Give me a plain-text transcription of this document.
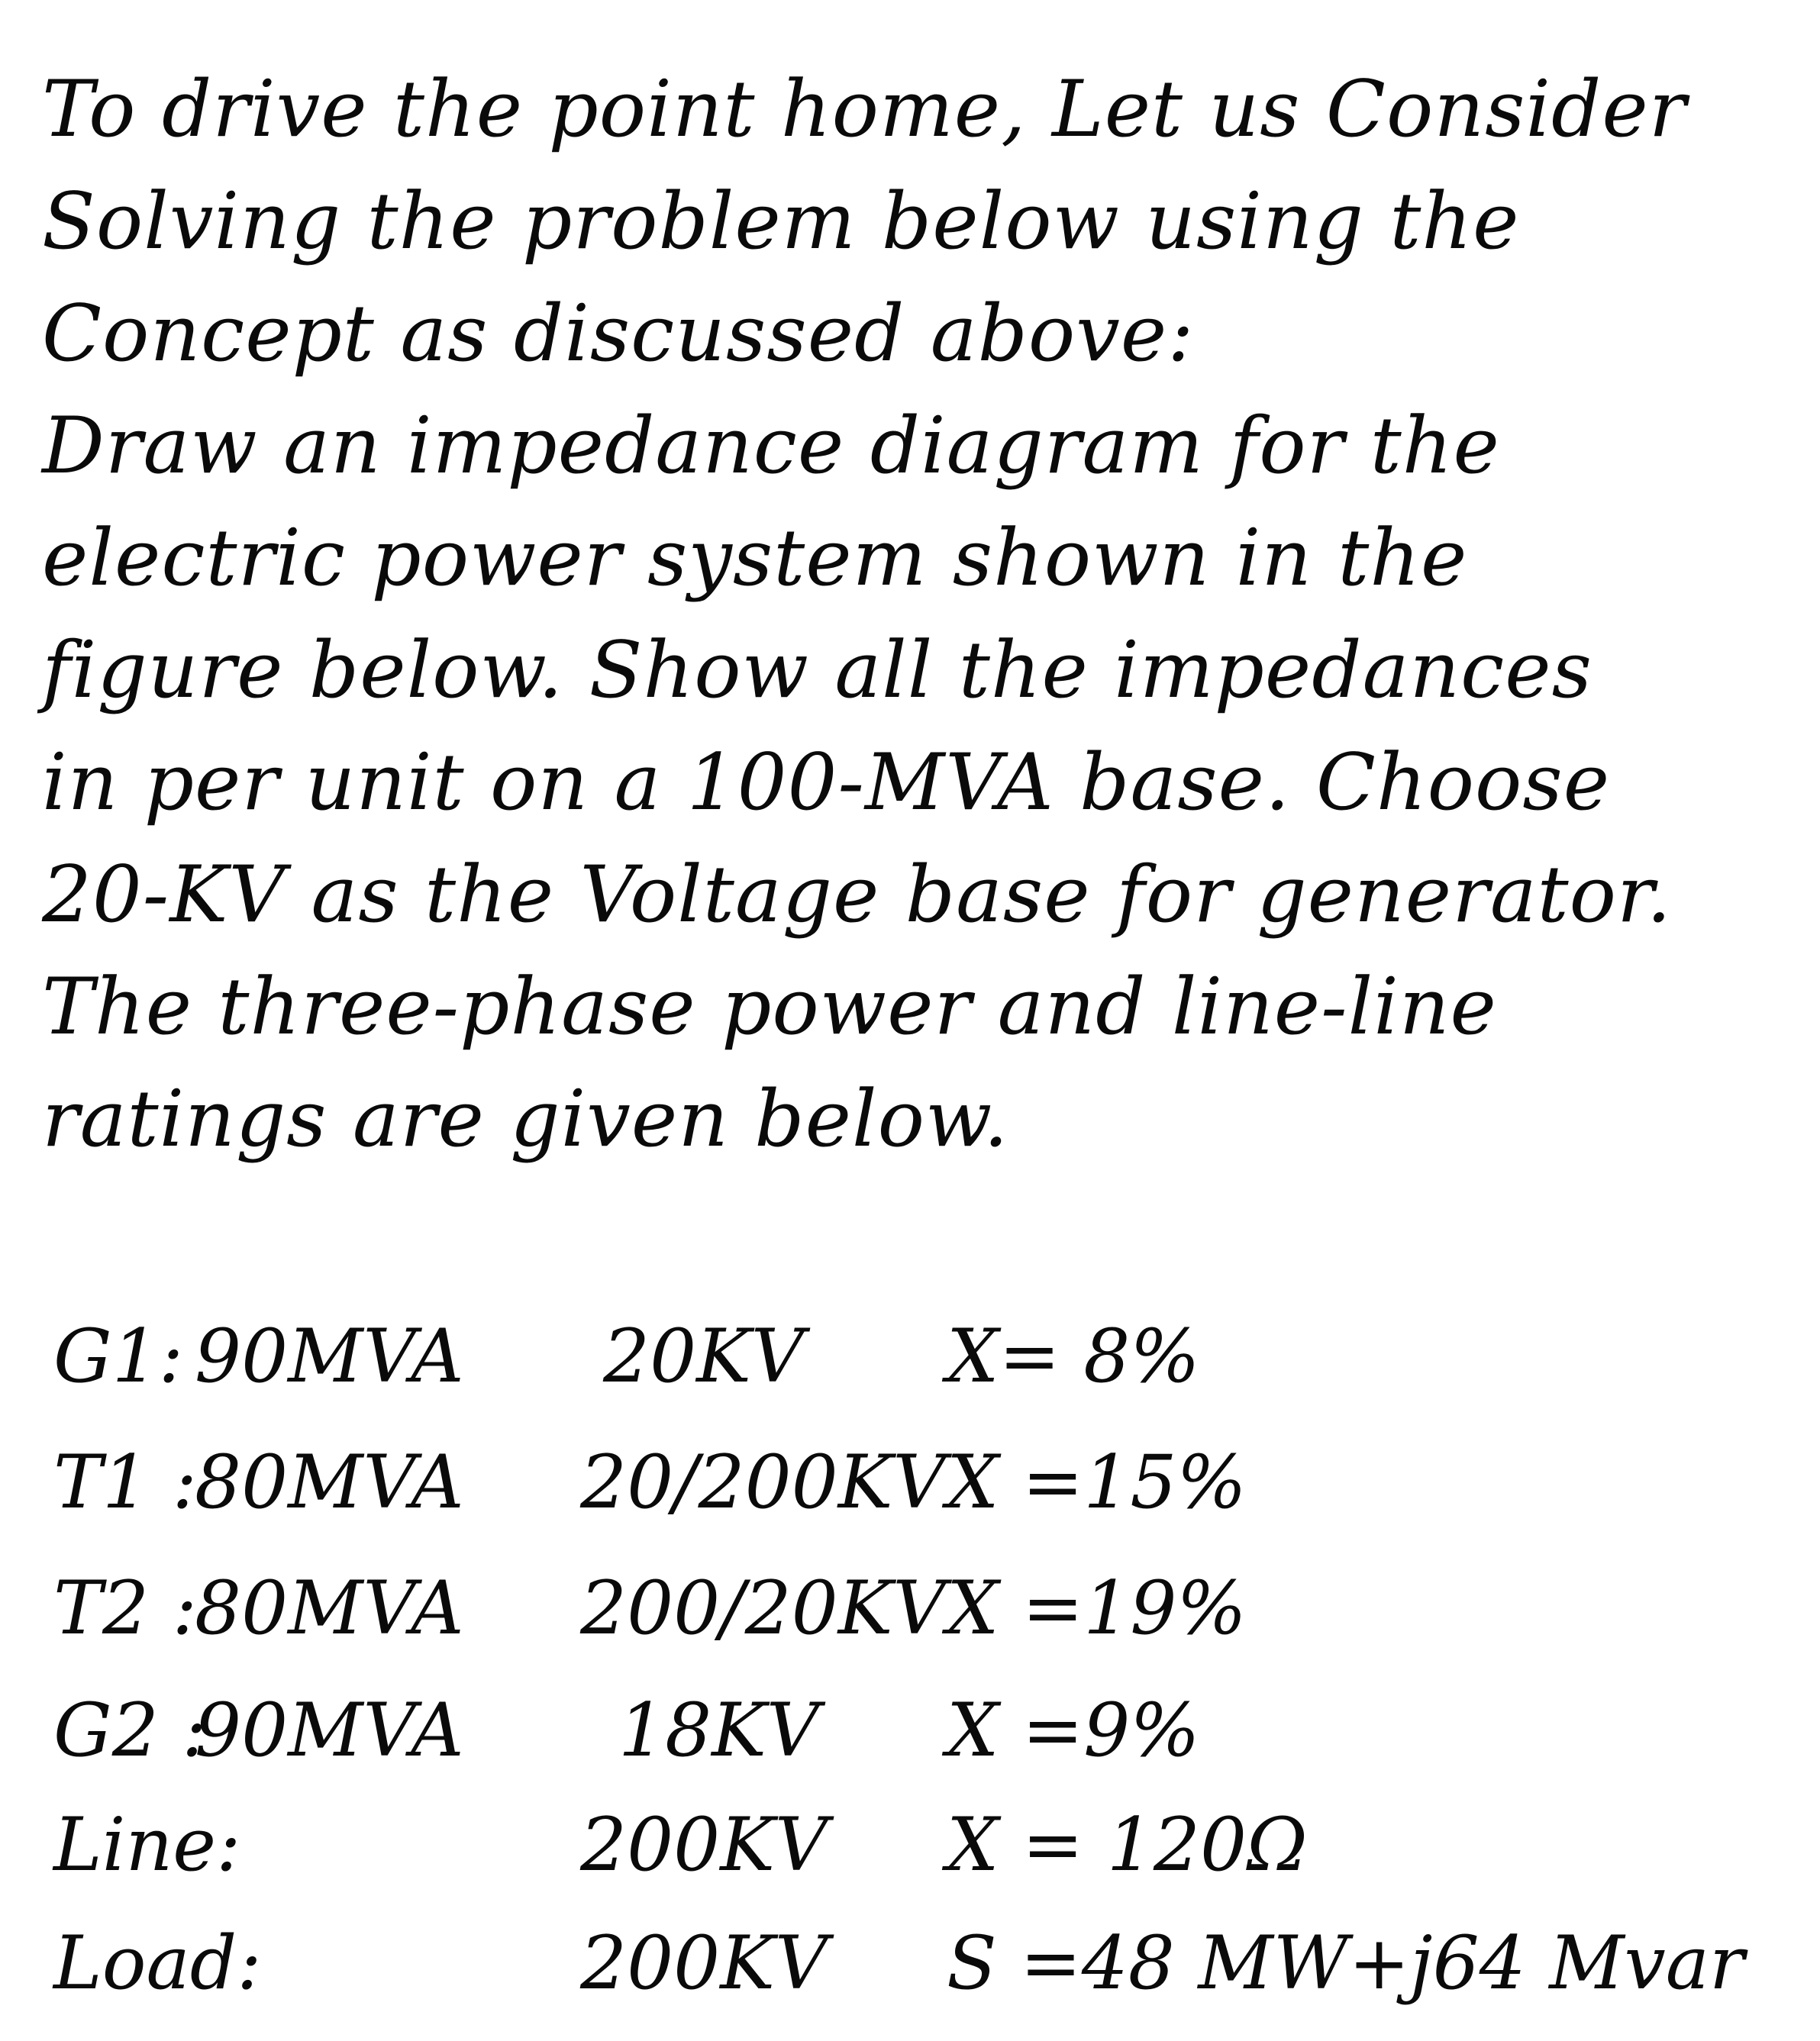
To drive the point home, Let us Consider
Solving the problem below using the
Concept as discussed above:
Draw an impedance diagram for the
electric power system shown in the
figure below. Show all the impedances
in per unit on a 100-MVA base. Choose
20-KV as the Voltage base for generator.
The three-phase power and line-line
ratings are given below.
G1: 90MVA 20KV X= 8%
T1 :
80MVA 20/200KV X =15%
T2 :
80MVA 200/20KV X =19%
G2 :
90MVA 18KV X =9%
Line:	200KV X = 120Ω
Load:	200KV S =48 MW+j64 Mvar
